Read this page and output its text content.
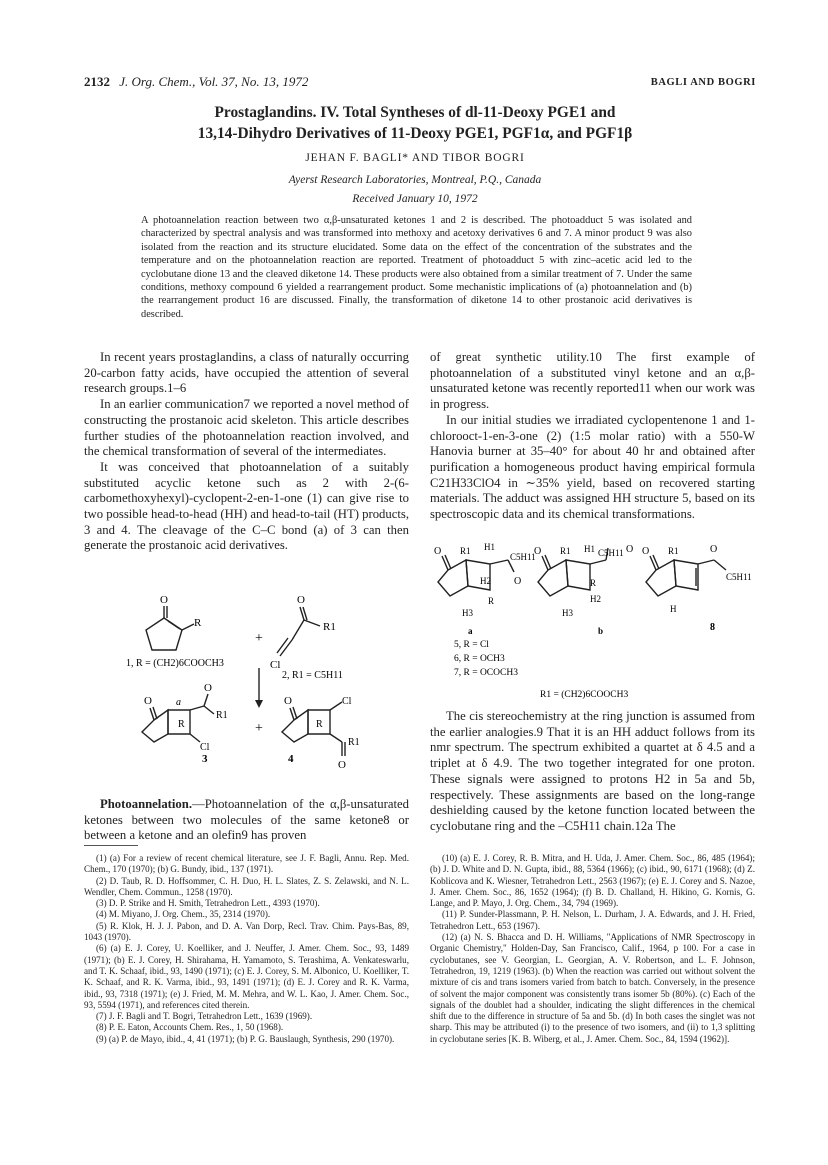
2132 J. Org. Chem., Vol. 37, No. 13, 1972	BAGLI AND BOGRI
Prostaglandins. IV. Total Syntheses of dl-11-Deoxy PGE1 and
13,14-Dihydro Derivatives of 11-Deoxy PGE1, PGF1α, and PGF1β
JEHAN F. BAGLI* AND TIBOR BOGRI
Ayerst Research Laboratories, Montreal, P.Q., Canada
Received January 10, 1972
A photoannelation reaction between two α,β-unsaturated ketones 1 and 2 is described. The photoadduct 5 was isolated and characterized by spectral analysis and was transformed into methoxy and acetoxy derivatives 6 and 7. A minor product 9 was also isolated from the reaction and its structure elucidated. Some data on the effect of the concentration of the substrates and the temperature and on the photoannelation reaction are reported. Treatment of photoadduct 5 with zinc–acetic acid led to the cyclobutane dione 13 and the cleaved diketone 14. These products were also obtained from a similar treatment of 7. Under the same conditions, methoxy compound 6 yielded a rearrangement product. Some mechanistic implications of (a) photoannelation and (b) the rearrangement product 16 are discussed. Finally, the transformation of diketone 14 to other prostanoic acid derivatives is described.

In recent years prostaglandins, a class of naturally occurring 20-carbon fatty acids, have occupied the attention of several research groups.1–6

In an earlier communication7 we reported a novel method of constructing the prostanoic acid skeleton. This article describes further studies of the photoannelation reaction involved, and the chemical transformation of several of the intermediates.

It was conceived that photoannelation of a suitably substituted acyclic ketone such as 2 with 2-(6-carbomethoxyhexyl)-cyclopent-2-en-1-one (1) can give rise to two possible head-to-head (HH) and head-to-tail (HT) products, 3 and 4. The cleavage of the C–C bond (a) of 3 can then generate the prostanoic acid derivatives.

O
R
1, R = (CH2)6COOCH3
+
O
R1
Cl
2, R1 = C5H11
O
O
a
R
R1
Cl
3
+
O	Cl
R
R1
O
4

Photoannelation.—Photoannelation of the α,β-unsaturated ketones between two molecules of the same ketone8 or between a ketone and an olefin9 has proven

of great synthetic utility.10 The first example of photoannelation of a substituted vinyl ketone and an α,β-unsaturated ketone was recently reported11 when our work was in progress.

In our initial studies we irradiated cyclopentenone 1 and 1-chlorooct-1-en-3-one (2) (1:5 molar ratio) with a 550-W Hanovia burner at 35–40° for about 40 hr and obtained after purification a homogeneous product having empirical formula C21H33ClO4 in ∼35% yield, based on recovered starting materials. The adduct was assigned HH structure 5, based on its spectroscopic data and its chemical transformations.

O R1 H1
C5H11
H2 O
R
H3
a
O R1 H1 C5H11 O
H2
R
H3
b
O R1	O
C5H11
H
8
5, R = Cl
6, R = OCH3
7, R = OCOCH3
R1 = (CH2)6COOCH3

The cis stereochemistry at the ring junction is assumed from the earlier analogies.9 That it is an HH adduct follows from its nmr spectrum. The spectrum exhibited a quartet at δ 4.5 and a triplet at δ 4.9. The two together integrated for one proton. These signals were assigned to protons H2 in 5a and 5b, respectively. These assignments are based on the long-range deshielding caused by the ketone function located between the cyclobutane ring and the –C5H11 chain.12a The

(1) (a) For a review of recent chemical literature, see J. F. Bagli, Annu. Rep. Med. Chem., 170 (1970); (b) G. Bundy, ibid., 137 (1971).
(2) D. Taub, R. D. Hoffsommer, C. H. Duo, H. L. Slates, Z. S. Zelawski, and N. L. Wendler, Chem. Commun., 1258 (1970).
(3) D. P. Strike and H. Smith, Tetrahedron Lett., 4393 (1970).
(4) M. Miyano, J. Org. Chem., 35, 2314 (1970).
(5) R. Klok, H. J. J. Pabon, and D. A. Van Dorp, Recl. Trav. Chim. Pays-Bas, 89, 1043 (1970).
(6) (a) E. J. Corey, U. Koelliker, and J. Neuffer, J. Amer. Chem. Soc., 93, 1489 (1971); (b) E. J. Corey, H. Shirahama, H. Yamamoto, S. Terashima, A. Venkateswarlu, and T. K. Schaaf, ibid., 93, 1490 (1971); (c) E. J. Corey, S. M. Albonico, U. Koelliker, T. K. Schaaf, and R. K. Varma, ibid., 93, 1491 (1971); (d) E. J. Corey and R. K. Varma, ibid., 93, 7318 (1971); (e) J. Fried, M. M. Mehra, and W. L. Kao, J. Amer. Chem. Soc., 93, 5594 (1971), and references cited therein.
(7) J. F. Bagli and T. Bogri, Tetrahedron Lett., 1639 (1969).
(8) P. E. Eaton, Accounts Chem. Res., 1, 50 (1968).
(9) (a) P. de Mayo, ibid., 4, 41 (1971); (b) P. G. Bauslaugh, Synthesis, 290 (1970).
(10) (a) E. J. Corey, R. B. Mitra, and H. Uda, J. Amer. Chem. Soc., 86, 485 (1964); (b) J. D. White and D. N. Gupta, ibid., 88, 5364 (1966); (c) ibid., 90, 6171 (1968); (d) Z. Koblicova and K. Wiesner, Tetrahedron Lett., 2563 (1967); (e) E. J. Corey and S. Nazoe, J. Amer. Chem. Soc., 86, 1652 (1964); (f) B. D. Challand, H. Hikino, G. Kornis, G. Lange, and P. Mayo, J. Org. Chem., 34, 794 (1969).
(11) P. Sunder-Plassmann, P. H. Nelson, L. Durham, J. A. Edwards, and J. H. Fried, Tetrahedron Lett., 653 (1967).
(12) (a) N. S. Bhacca and D. H. Williams, "Applications of NMR Spectroscopy in Organic Chemistry," Holden-Day, San Francisco, Calif., 1964, p 100. For a case in cyclobutanes, see V. Georgian, L. Georgian, A. V. Robertson, and L. F. Johnson, Tetrahedron, 19, 1219 (1963). (b) When the reaction was carried out without solvent the mixture of cis and trans isomers varied from batch to batch. Conversely, in the presence of solvent the major component was consistently trans isomer 5b (80%). (c) Each of the signals of the doublet had a shoulder, indicating the slight differences in the chemical shift due to the difference in structure of 5a and 5b. (d) In both cases the singlet was not sharp. This may be attributed (i) to the presence of two isomers, and (ii) to 1,3 splitting in cyclobutane series [K. B. Wiberg, et al., J. Amer. Chem. Soc., 84, 1594 (1962)].
